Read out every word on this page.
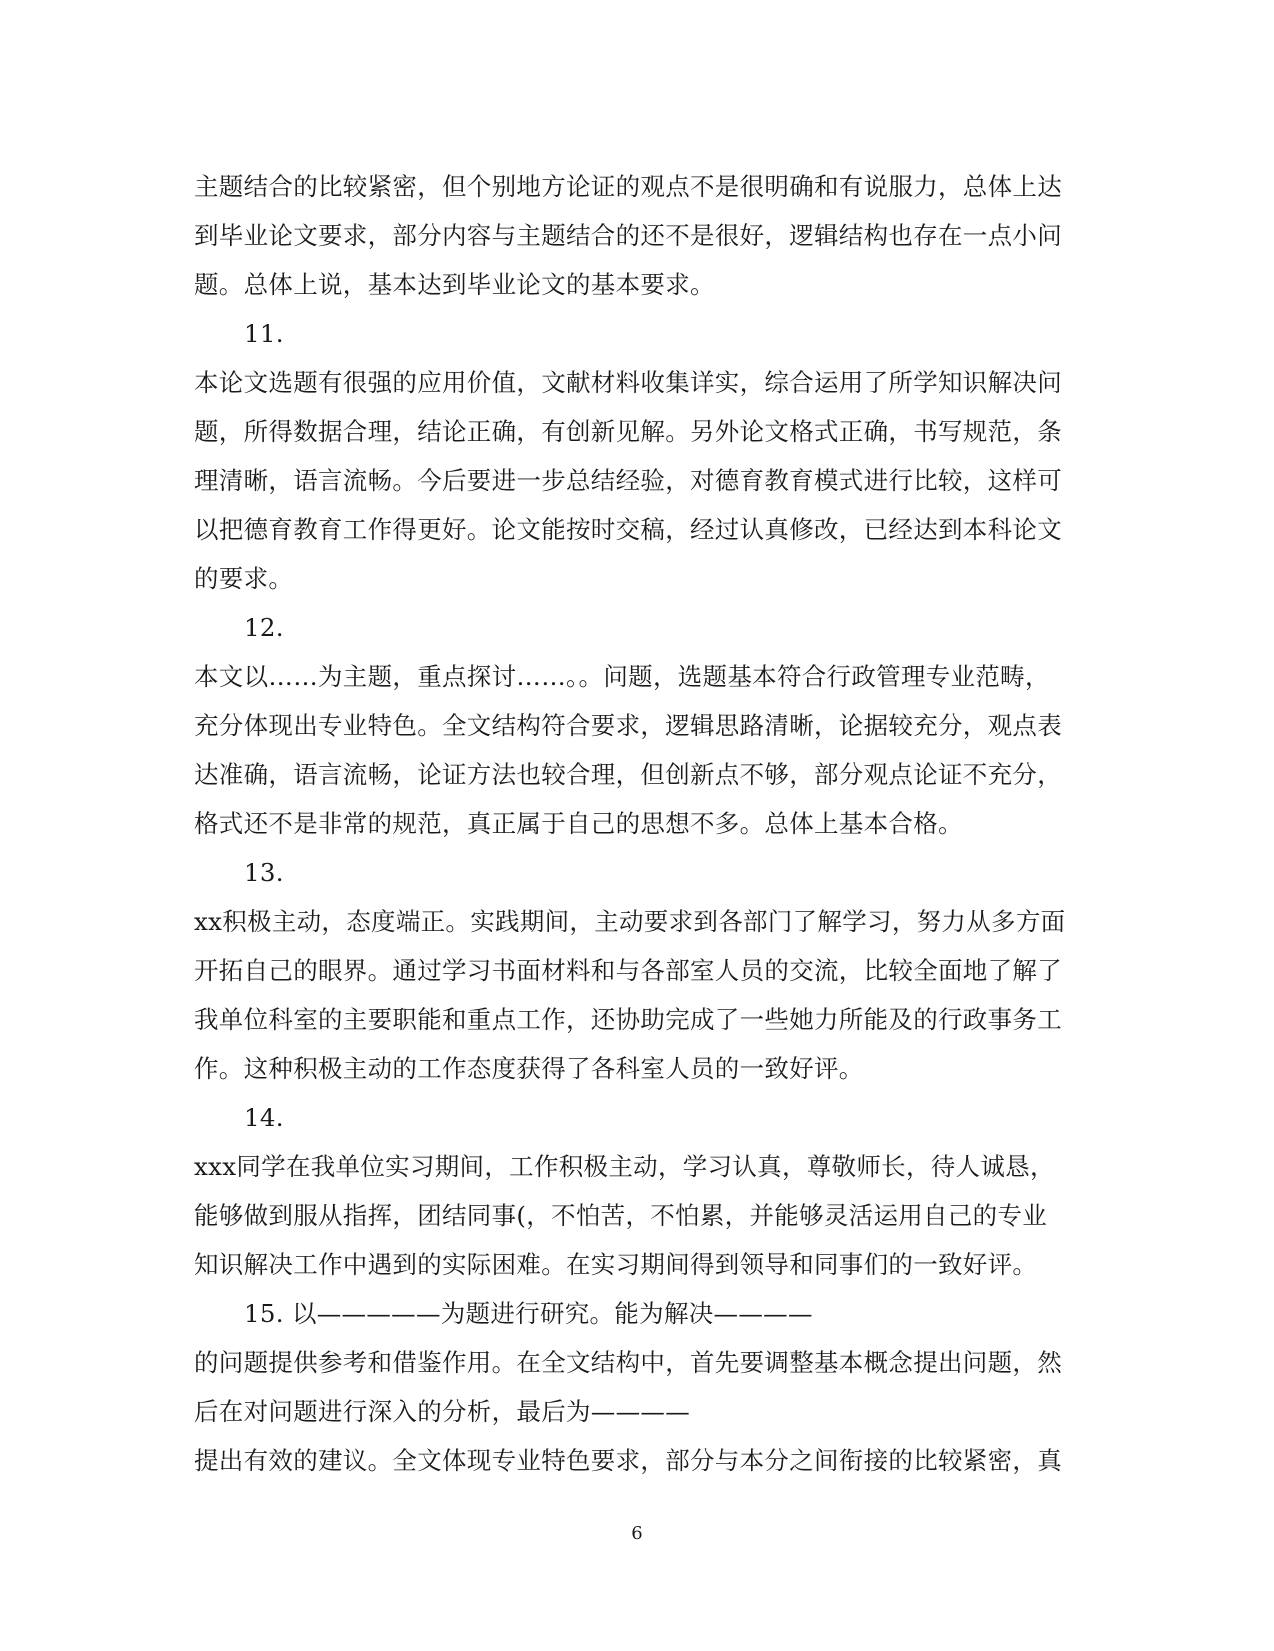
主题结合的比较紧密，但个别地方论证的观点不是很明确和有说服力，总体上达
到毕业论文要求，部分内容与主题结合的还不是很好，逻辑结构也存在一点小问
题。总体上说，基本达到毕业论文的基本要求。
11.
本论文选题有很强的应用价值，文献材料收集详实，综合运用了所学知识解决问
题，所得数据合理，结论正确，有创新见解。另外论文格式正确，书写规范，条
理清晰，语言流畅。今后要进一步总结经验，对德育教育模式进行比较，这样可
以把德育教育工作得更好。论文能按时交稿，经过认真修改，已经达到本科论文
的要求。
12.
本文以……为主题，重点探讨……。。问题，选题基本符合行政管理专业范畴，
充分体现出专业特色。全文结构符合要求，逻辑思路清晰，论据较充分，观点表
达准确，语言流畅，论证方法也较合理，但创新点不够，部分观点论证不充分，
格式还不是非常的规范，真正属于自己的思想不多。总体上基本合格。
13.
xx积极主动，态度端正。实践期间，主动要求到各部门了解学习，努力从多方面
开拓自己的眼界。通过学习书面材料和与各部室人员的交流，比较全面地了解了
我单位科室的主要职能和重点工作，还协助完成了一些她力所能及的行政事务工
作。这种积极主动的工作态度获得了各科室人员的一致好评。
14.
xxx同学在我单位实习期间，工作积极主动，学习认真，尊敬师长，待人诚恳，
能够做到服从指挥，团结同事(，不怕苦，不怕累，并能够灵活运用自己的专业
知识解决工作中遇到的实际困难。在实习期间得到领导和同事们的一致好评。
15. 以—————为题进行研究。能为解决————
的问题提供参考和借鉴作用。在全文结构中，首先要调整基本概念提出问题，然
后在对问题进行深入的分析，最后为————
提出有效的建议。全文体现专业特色要求，部分与本分之间衔接的比较紧密，真
6
